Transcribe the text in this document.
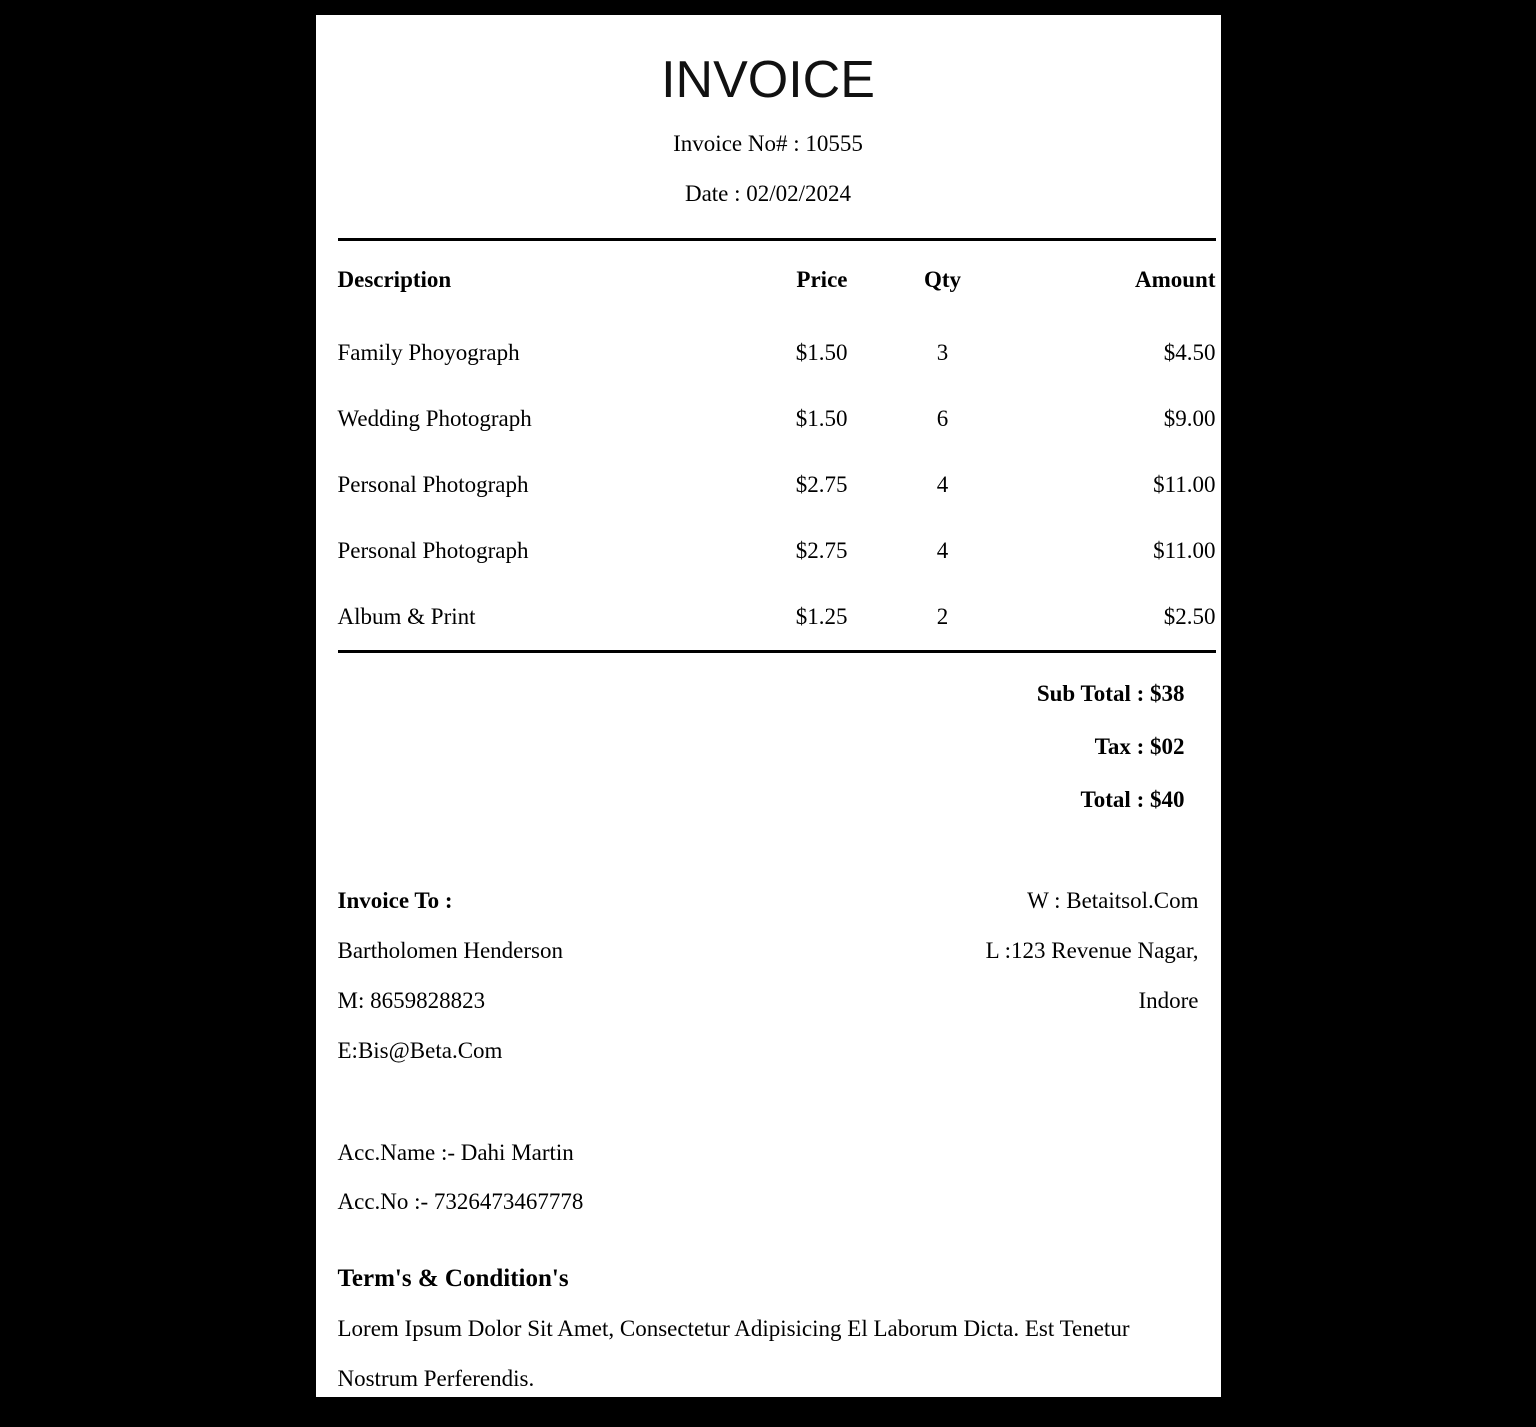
INVOICE

Invoice No# : 10555

Date : 02/02/2024

Description	Price	Qty	Amount
Family Phoyograph	$1.50	3	$4.50
Wedding Photograph	$1.50	6	$9.00
Personal Photograph	$2.75	4	$11.00
Personal Photograph	$2.75	4	$11.00
Album & Print	$1.25	2	$2.50

Sub Total : $38

Tax : $02

Total : $40

Invoice To :

Bartholomen Henderson

M: 8659828823

E:Bis@Beta.Com

W : Betaitsol.Com

L :123 Revenue Nagar,

Indore

Acc.Name :- Dahi Martin

Acc.No :- 7326473467778

Term's & Condition's

Lorem Ipsum Dolor Sit Amet, Consectetur Adipisicing El Laborum Dicta. Est Tenetur Nostrum Perferendis.
